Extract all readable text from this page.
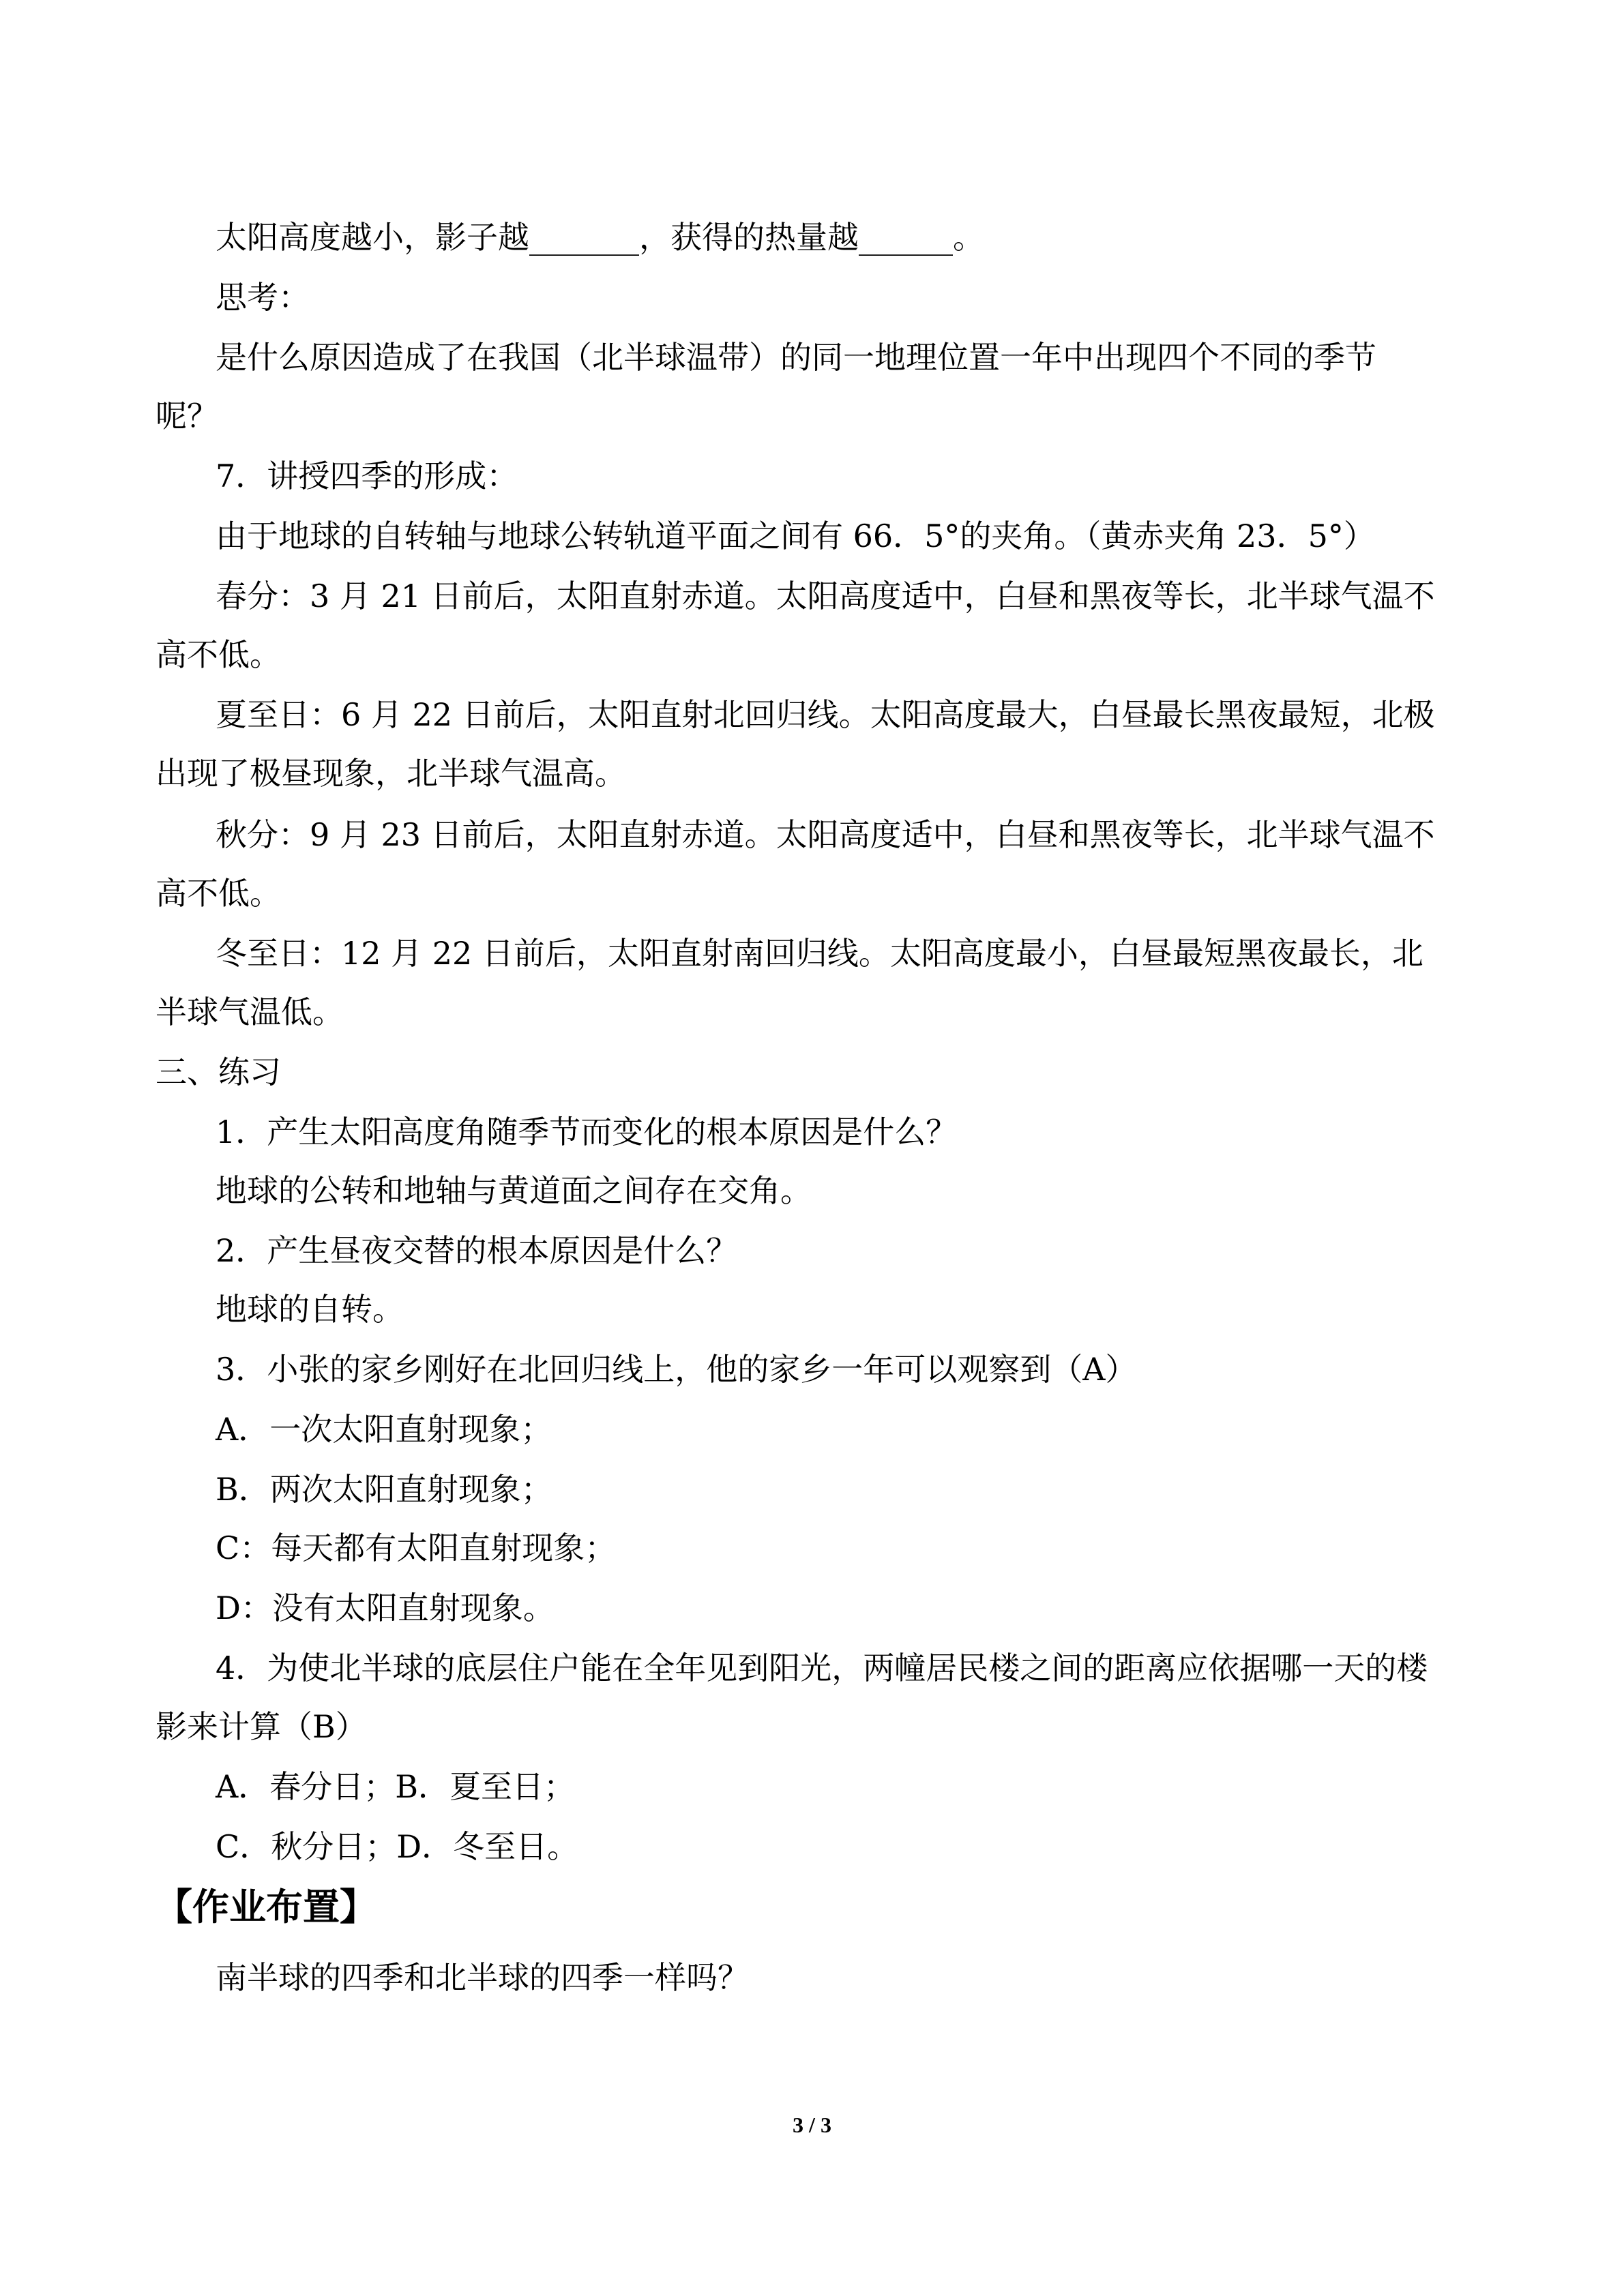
太阳高度越小，影子越_______，获得的热量越______。
思考：
是什么原因造成了在我国（北半球温带）的同一地理位置一年中出现四个不同的季节
呢？
7．讲授四季的形成：
由于地球的自转轴与地球公转轨道平面之间有 66．5°的夹角。（黄赤夹角 23．5°）
春分：3 月 21 日前后，太阳直射赤道。太阳高度适中，白昼和黑夜等长，北半球气温不
高不低。
夏至日：6 月 22 日前后，太阳直射北回归线。太阳高度最大，白昼最长黑夜最短，北极
出现了极昼现象，北半球气温高。
秋分：9 月 23 日前后，太阳直射赤道。太阳高度适中，白昼和黑夜等长，北半球气温不
高不低。
冬至日：12 月 22 日前后，太阳直射南回归线。太阳高度最小，白昼最短黑夜最长，北
半球气温低。
三、练习
1．产生太阳高度角随季节而变化的根本原因是什么？
地球的公转和地轴与黄道面之间存在交角。
2．产生昼夜交替的根本原因是什么？
地球的自转。
3．小张的家乡刚好在北回归线上，他的家乡一年可以观察到（A）
A．一次太阳直射现象；
B．两次太阳直射现象；
C：每天都有太阳直射现象；
D：没有太阳直射现象。
4．为使北半球的底层住户能在全年见到阳光，两幢居民楼之间的距离应依据哪一天的楼
影来计算（B）
A．春分日；B．夏至日；
C．秋分日；D．冬至日。
【作业布置】
南半球的四季和北半球的四季一样吗？
3 / 3
